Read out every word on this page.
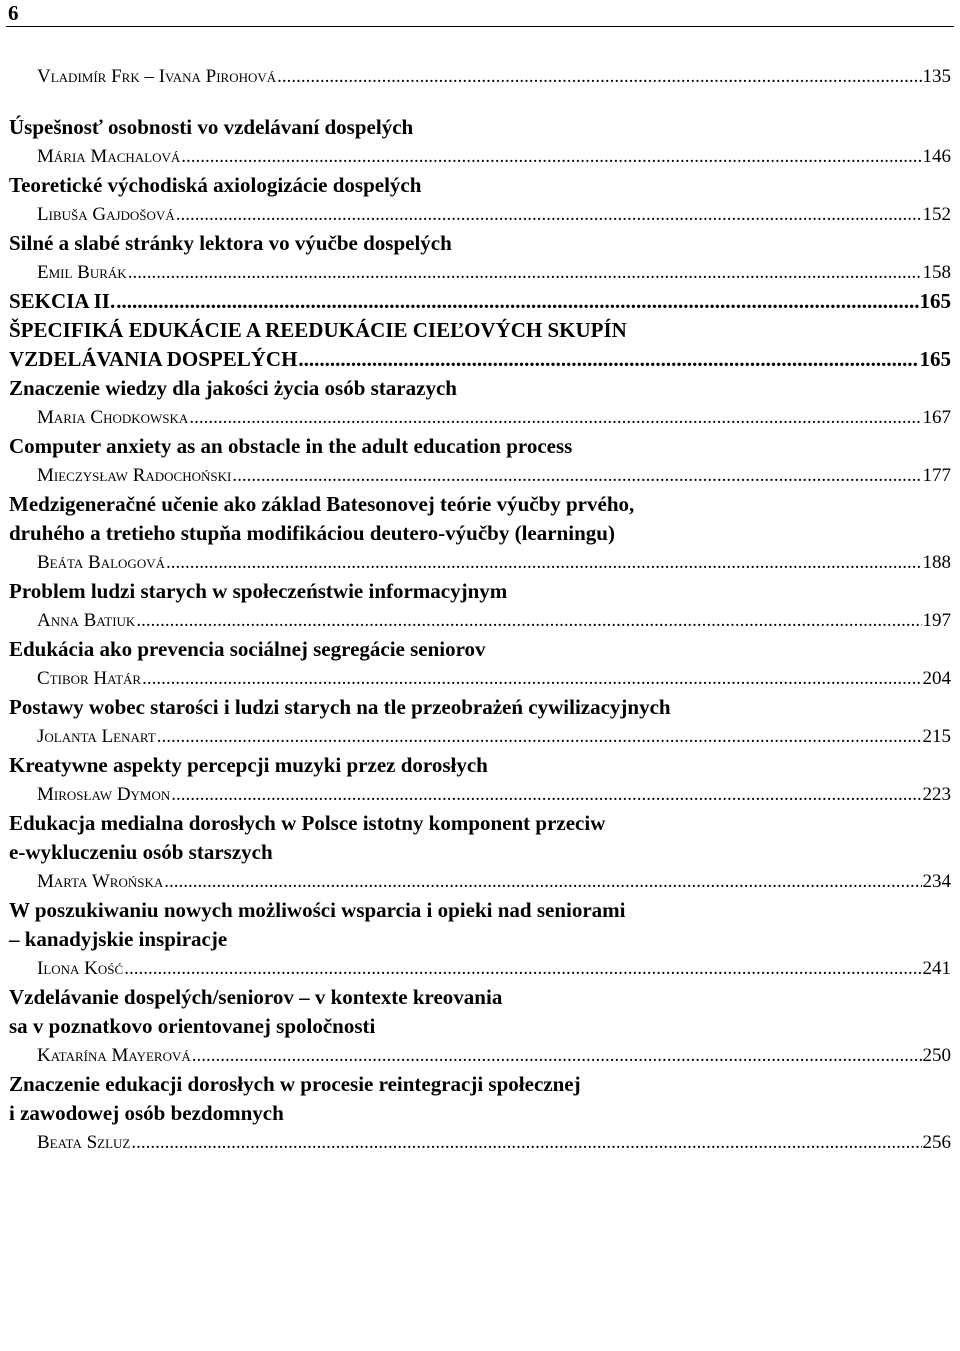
6
Vladimír Frk – Ivana Pirohová .....	135
Úspešnosť osobnosti vo vzdelávaní dospelých
Mária Machalová .....	146
Teoretické východiská axiologizácie dospelých
Libuša Gajdošová .....	152
Silné a slabé stránky lektora vo výučbe dospelých
Emil Burák .....	158
SEKCIA II. .....	165
ŠPECIFIKÁ EDUKÁCIE A REEDUKÁCIE CIEĽOVÝCH SKUPÍN
VZDELÁVANIA DOSPELÝCH .....	165
Znaczenie wiedzy dla jakości życia osób starazych
Maria Chodkowska .....	167
Computer anxiety as an obstacle in the adult education process
Mieczysław Radochoński .....	177
Medzigeneračné učenie ako základ Batesonovej teórie výučby prvého,
druhého a tretieho stupňa modifikáciou deutero-výučby (learningu)
Beáta Balogová .....	188
Problem ludzi starych w społeczeństwie informacyjnym
Anna Batiuk .....	197
Edukácia ako prevencia sociálnej segregácie seniorov
Ctibor Határ .....	204
Postawy wobec starości i ludzi starych na tle przeobrażeń cywilizacyjnych
Jolanta Lenart .....	215
Kreatywne aspekty percepcji muzyki przez dorosłych
Mirosław Dymon .....	223
Edukacja medialna dorosłych w Polsce istotny komponent przeciw
e-wykluczeniu osób starszych
Marta Wrońska .....	234
W poszukiwaniu nowych możliwości wsparcia i opieki nad seniorami
– kanadyjskie inspiracje
Ilona Kość .....	241
Vzdelávanie dospelých/seniorov – v kontexte kreovania
sa v poznatkovo orientovanej spoločnosti
Katarína Mayerová .....	250
Znaczenie edukacji dorosłych w procesie reintegracji społecznej
i zawodowej osób bezdomnych
Beata Szluz .....	256
